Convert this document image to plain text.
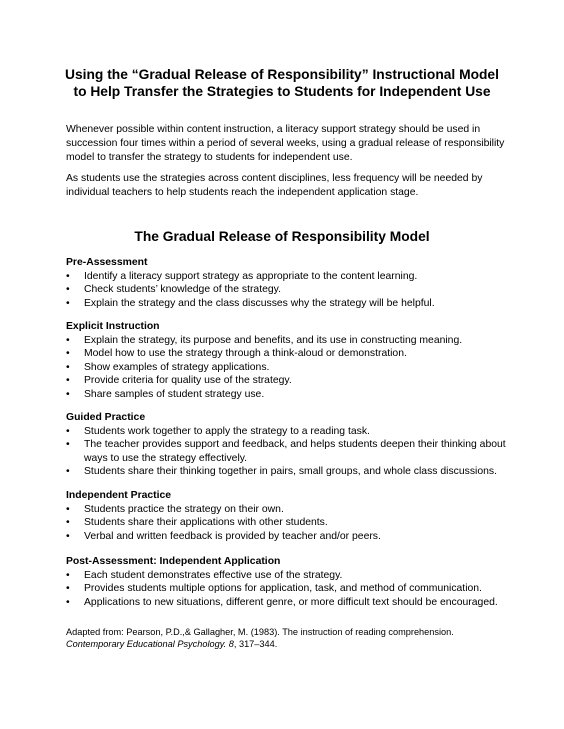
Using the “Gradual Release of Responsibility” Instructional Model
to Help Transfer the Strategies to Students for Independent Use

Whenever possible within content instruction, a literacy support strategy should be used in succession four times within a period of several weeks, using a gradual release of responsibility model to transfer the strategy to students for independent use.

As students use the strategies across content disciplines, less frequency will be needed by individual teachers to help students reach the independent application stage.

The Gradual Release of Responsibility Model

Pre-Assessment

• Identify a literacy support strategy as appropriate to the content learning.
• Check students’ knowledge of the strategy.
• Explain the strategy and the class discusses why the strategy will be helpful.

Explicit Instruction

• Explain the strategy, its purpose and benefits, and its use in constructing meaning.
• Model how to use the strategy through a think-aloud or demonstration.
• Show examples of strategy applications.
• Provide criteria for quality use of the strategy.
• Share samples of student strategy use.

Guided Practice

• Students work together to apply the strategy to a reading task.
• The teacher provides support and feedback, and helps students deepen their thinking about ways to use the strategy effectively.
• Students share their thinking together in pairs, small groups, and whole class discussions.

Independent Practice

• Students practice the strategy on their own.
• Students share their applications with other students.
• Verbal and written feedback is provided by teacher and/or peers.

Post-Assessment: Independent Application

• Each student demonstrates effective use of the strategy.
• Provides students multiple options for application, task, and method of communication.
• Applications to new situations, different genre, or more difficult text should be encouraged.

Adapted from: Pearson, P.D.,& Gallagher, M. (1983). The instruction of reading comprehension.
Contemporary Educational Psychology. 8, 317–344.
